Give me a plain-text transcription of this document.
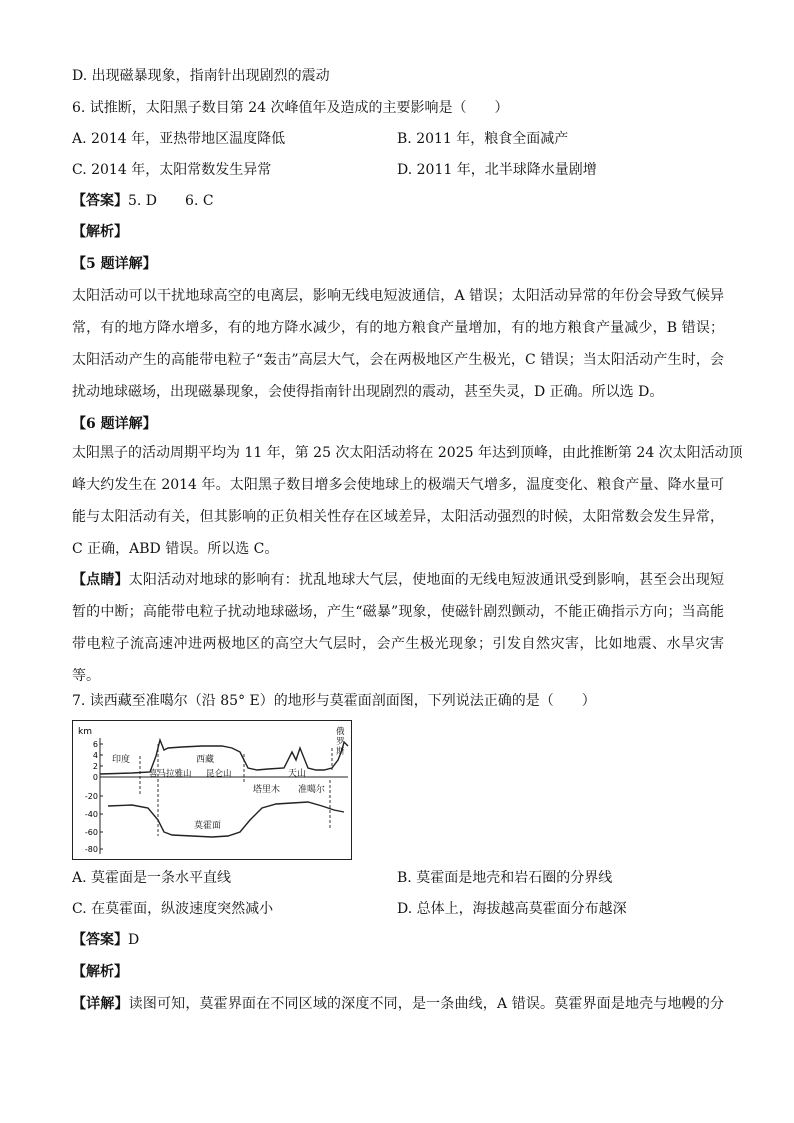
D. 出现磁暴现象，指南针出现剧烈的震动
6. 试推断，太阳黑子数目第 24 次峰值年及造成的主要影响是（　　）
A. 2014 年，亚热带地区温度降低	B. 2011 年，粮食全面减产
C. 2014 年，太阳常数发生异常	D. 2011 年，北半球降水量剧增
【答案】5. D　　6. C
【解析】
【5 题详解】
太阳活动可以干扰地球高空的电离层，影响无线电短波通信，A 错误；太阳活动异常的年份会导致气候异
常，有的地方降水增多，有的地方降水减少，有的地方粮食产量增加，有的地方粮食产量减少，B 错误；
太阳活动产生的高能带电粒子“轰击”高层大气，会在两极地区产生极光，C 错误；当太阳活动产生时，会
扰动地球磁场，出现磁暴现象，会使得指南针出现剧烈的震动，甚至失灵，D 正确。所以选 D。
【6 题详解】
太阳黑子的活动周期平均为 11 年，第 25 次太阳活动将在 2025 年达到顶峰，由此推断第 24 次太阳活动顶
峰大约发生在 2014 年。太阳黑子数目增多会使地球上的极端天气增多，温度变化、粮食产量、降水量可
能与太阳活动有关，但其影响的正负相关性存在区域差异，太阳活动强烈的时候，太阳常数会发生异常，
C 正确，ABD 错误。所以选 C。
【点睛】太阳活动对地球的影响有：扰乱地球大气层，使地面的无线电短波通讯受到影响，甚至会出现短
暂的中断；高能带电粒子扰动地球磁场，产生“磁暴”现象，使磁针剧烈颤动，不能正确指示方向；当高能
带电粒子流高速冲进两极地区的高空大气层时，会产生极光现象；引发自然灾害，比如地震、水旱灾害
等。
7. 读西藏至准噶尔（沿 85° E）的地形与莫霍面剖面图，下列说法正确的是（　　）
km
6
4
2
0
-20
-40
-60
-80
印度	西藏
喜马拉雅山 昆仑山	天山
俄
罗
斯
塔里木 准噶尔
莫霍面
A. 莫霍面是一条水平直线	B. 莫霍面是地壳和岩石圈的分界线
C. 在莫霍面，纵波速度突然减小	D. 总体上，海拔越高莫霍面分布越深
【答案】D
【解析】
【详解】读图可知，莫霍界面在不同区域的深度不同，是一条曲线，A 错误。莫霍界面是地壳与地幔的分
